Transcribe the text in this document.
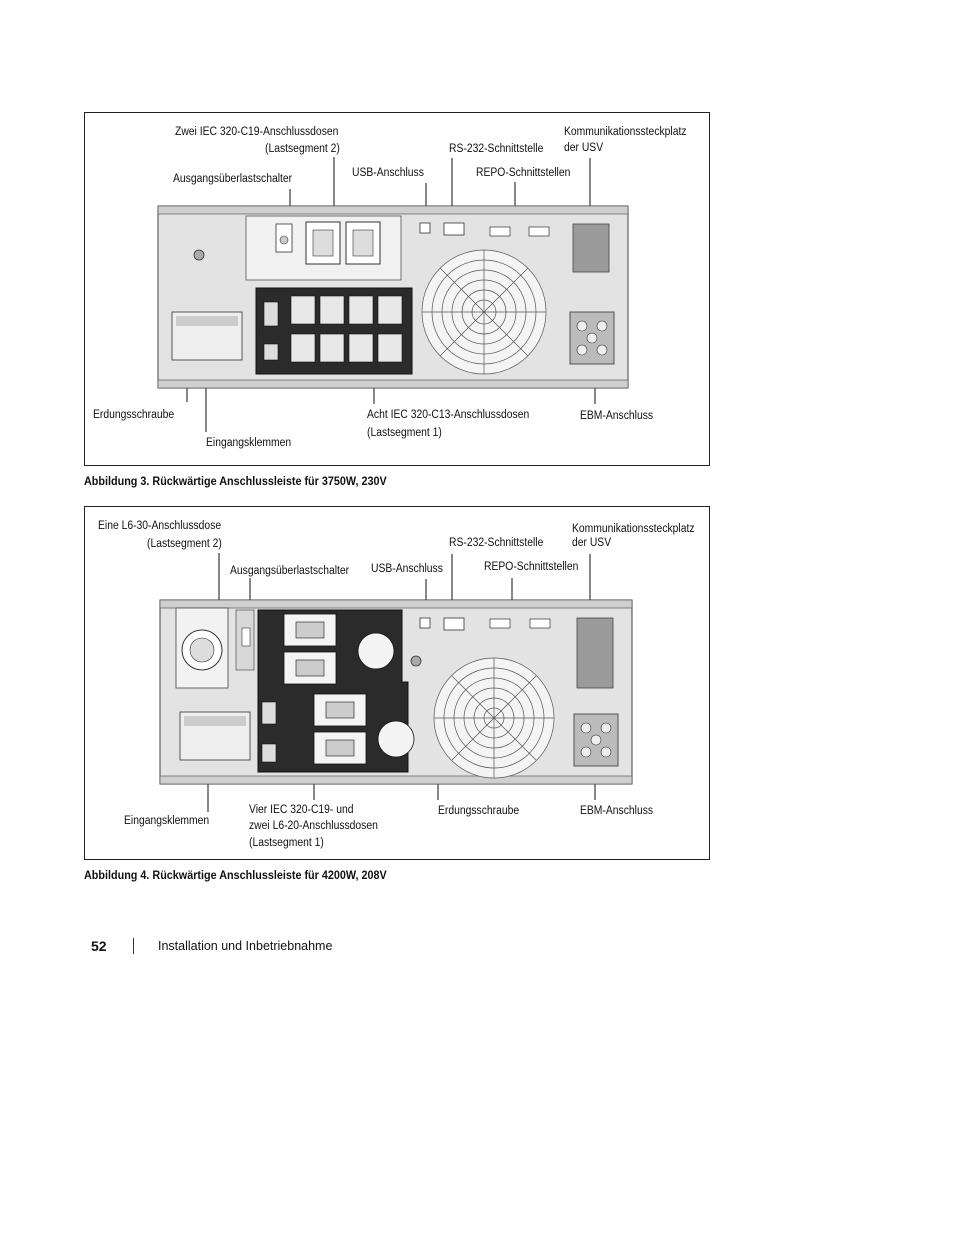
Zwei IEC 320-C19-Anschlussdosen
(Lastsegment 2)
Ausgangsüberlastschalter	USB-Anschluss
RS-232-Schnittstelle
REPO-Schnittstellen
Kommunikationssteckplatz
der USV
Erdungsschraube
Eingangsklemmen
Acht IEC 320-C13-Anschlussdosen
(Lastsegment 1)
EBM-Anschluss
Abbildung 3. Rückwärtige Anschlussleiste für 3750W, 230V
Eine L6-30-Anschlussdose
(Lastsegment 2)
Ausgangsüberlastschalter USB-Anschluss
RS-232-Schnittstelle
REPO-Schnittstellen
Kommunikationssteckplatz
der USV
Eingangsklemmen
Vier IEC 320-C19- und
zwei L6-20-Anschlussdosen
(Lastsegment 1)
Erdungsschraube	EBM-Anschluss
Abbildung 4. Rückwärtige Anschlussleiste für 4200W, 208V
52	Installation und Inbetriebnahme
